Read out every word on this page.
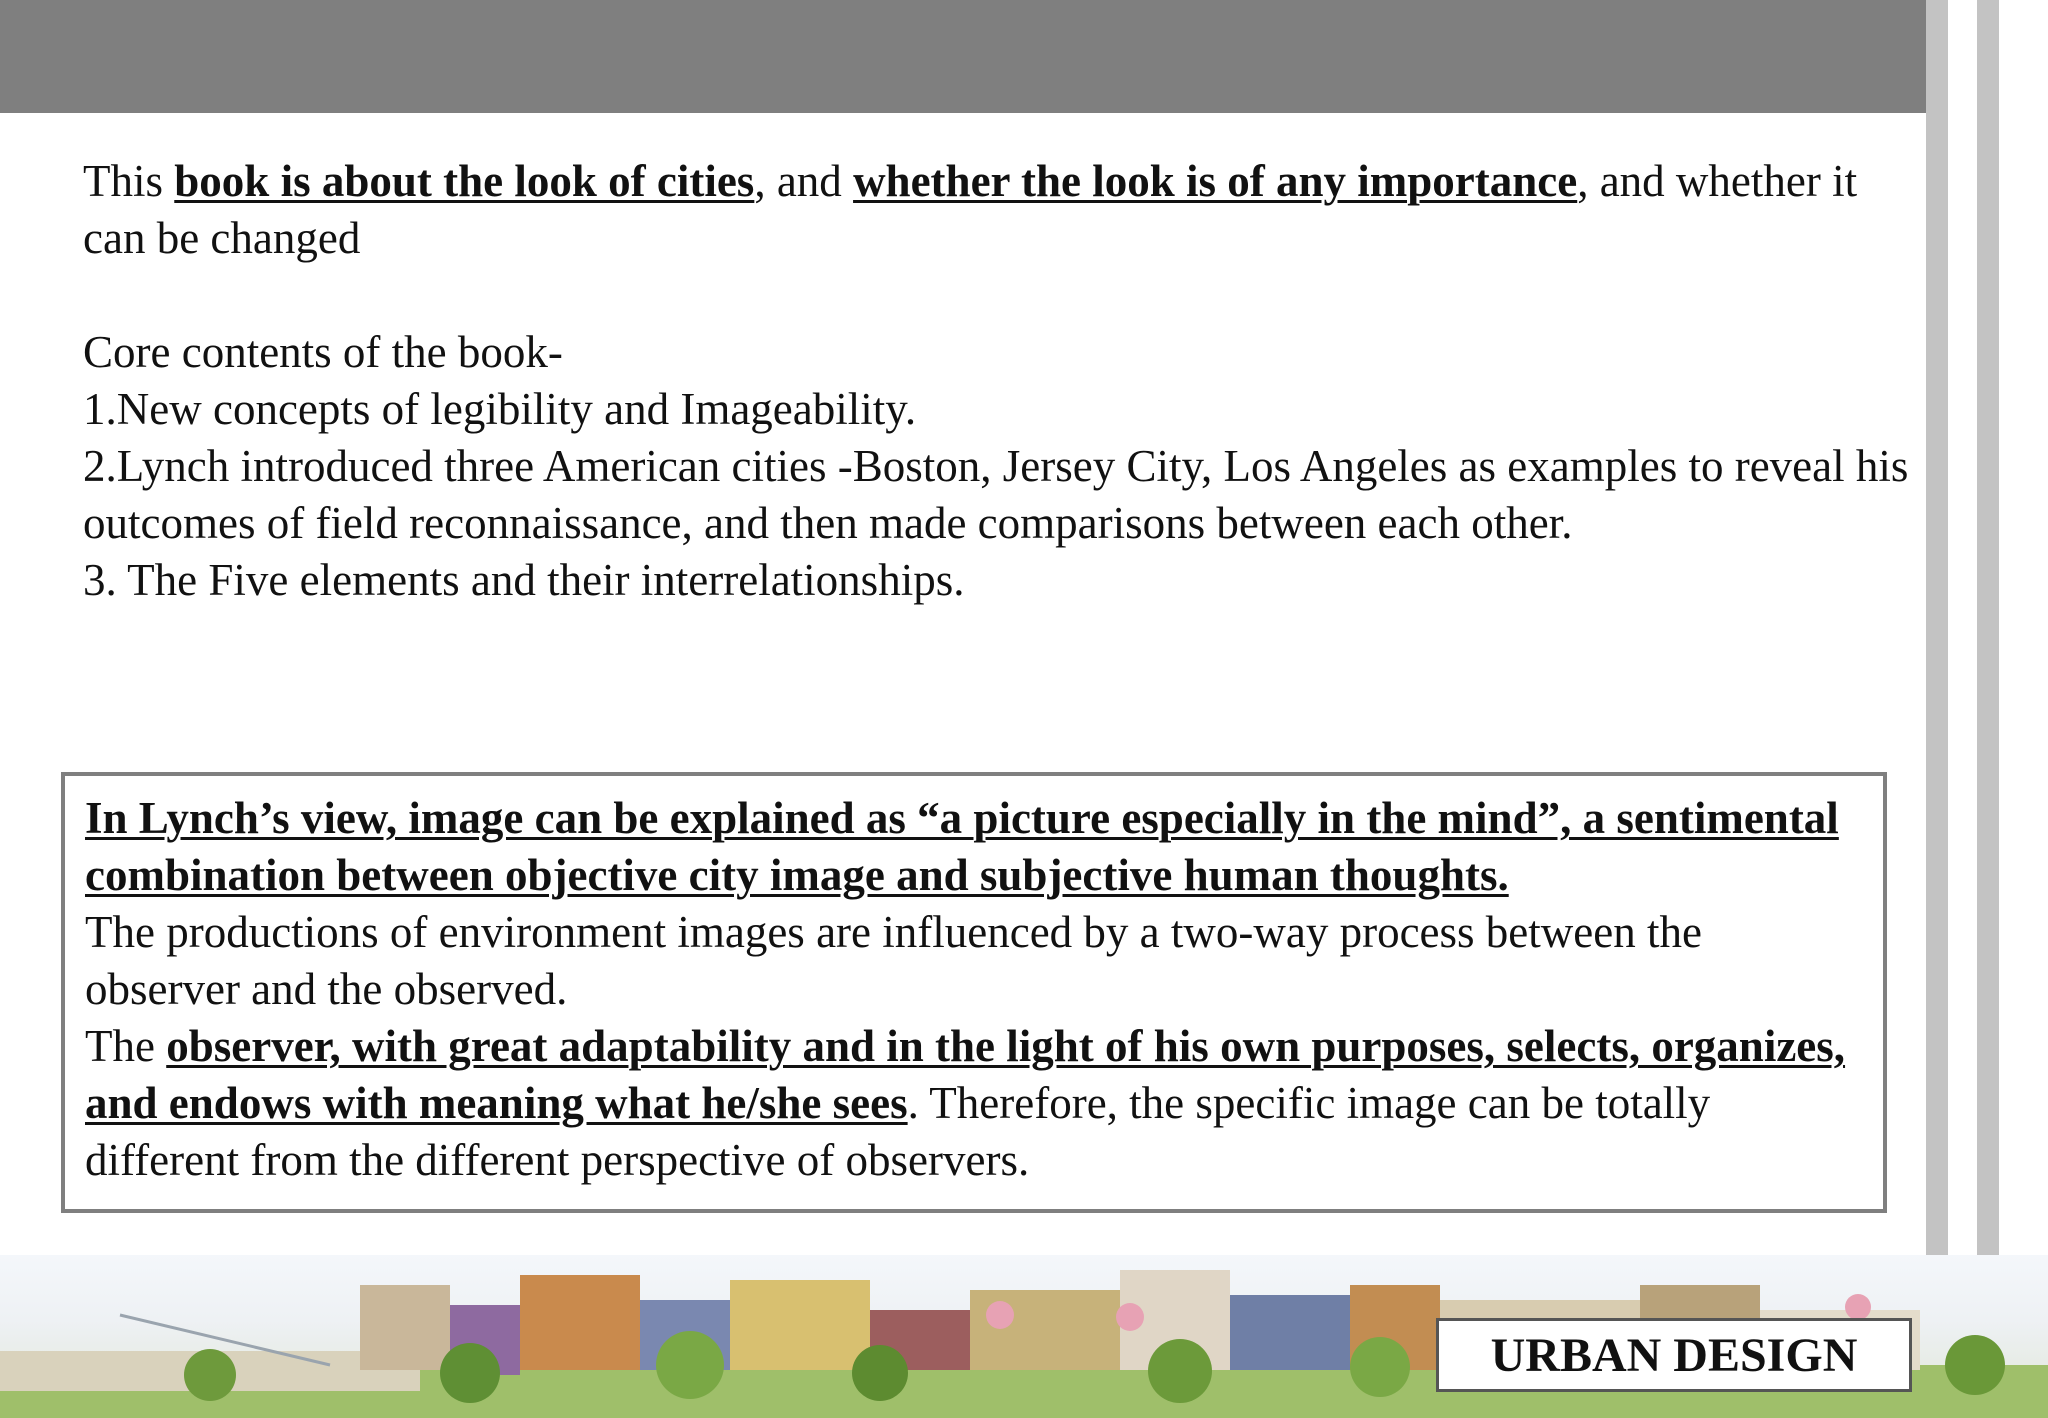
This book is about the look of cities, and whether the look is of any importance, and whether it can be changed

Core contents of the book-

1.New concepts of legibility and Imageability.

2.Lynch introduced three American cities -Boston, Jersey City, Los Angeles as examples to reveal his outcomes of field reconnaissance, and then made comparisons between each other.

3. The Five elements and their interrelationships.

In Lynch’s view, image can be explained as “a picture especially in the mind”, a sentimental combination between objective city image and subjective human thoughts.

The productions of environment images are influenced by a two-way process between the observer and the observed.

The observer, with great adaptability and in the light of his own purposes, selects, organizes, and endows with meaning what he/she sees. Therefore, the specific image can be totally different from the different perspective of observers.

URBAN DESIGN
